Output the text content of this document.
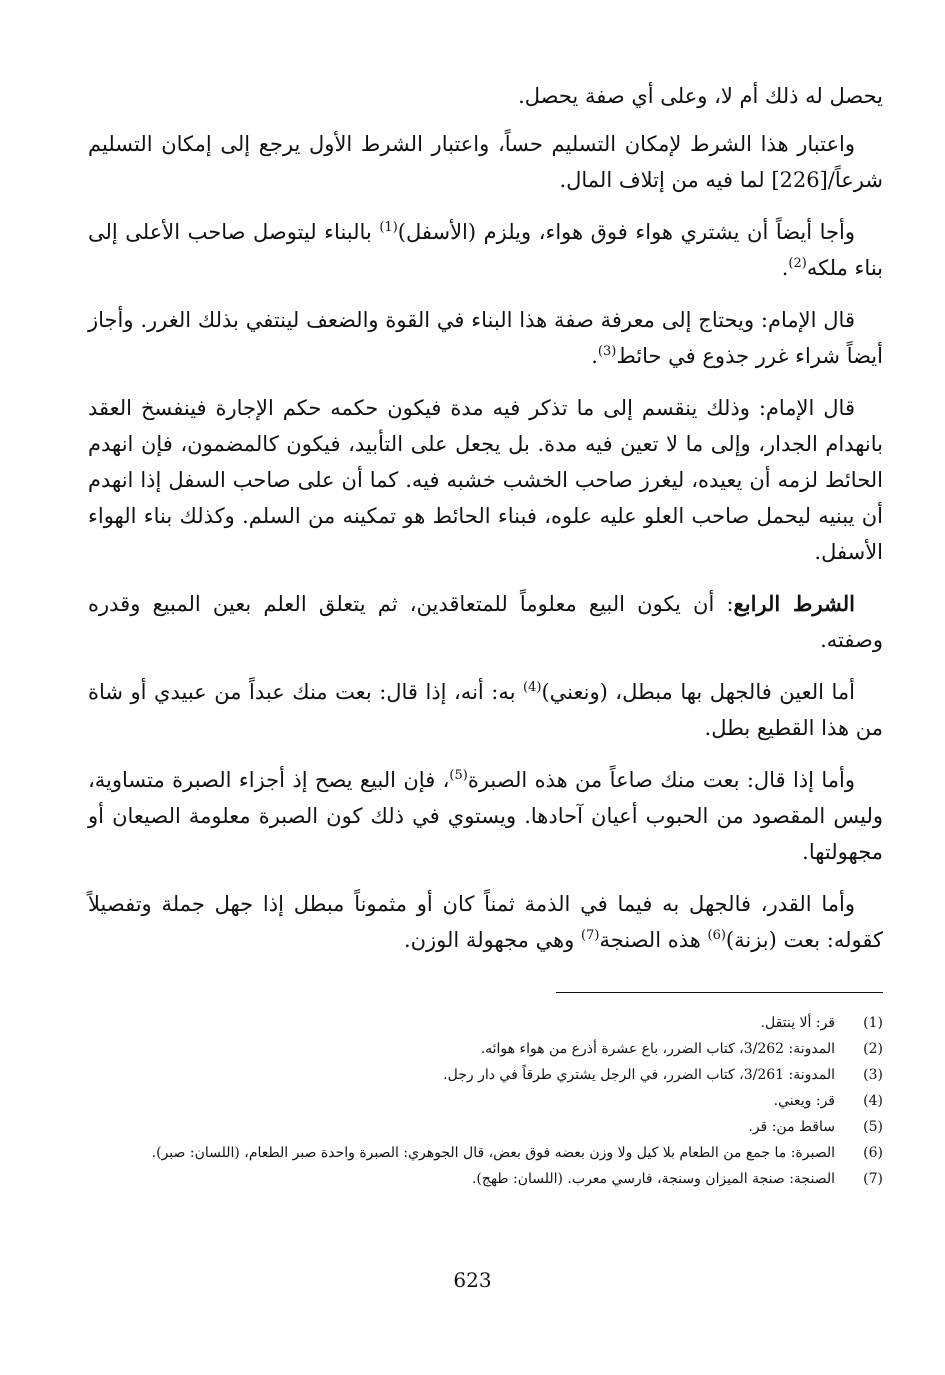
يحصل له ذلك أم لا، وعلى أي صفة يحصل.

واعتبار هذا الشرط لإمكان التسليم حساً، واعتبار الشرط الأول يرجع إلى إمكان التسليم شرعاً/[226] لما فيه من إتلاف المال.

وأجا أيضاً أن يشتري هواء فوق هواء، ويلزم (الأسفل)$^{(1)}$ بالبناء ليتوصل صاحب الأعلى إلى بناء ملكه$^{(2)}$.

قال الإمام: ويحتاج إلى معرفة صفة هذا البناء في القوة والضعف لينتفي بذلك الغرر. وأجاز أيضاً شراء غرر جذوع في حائط$^{(3)}$.

قال الإمام: وذلك ينقسم إلى ما تذكر فيه مدة فيكون حكمه حكم الإجارة فينفسخ العقد بانهدام الجدار، وإلى ما لا تعين فيه مدة. بل يجعل على التأبيد، فيكون كالمضمون، فإن انهدم الحائط لزمه أن يعيده، ليغرز صاحب الخشب خشبه فيه. كما أن على صاحب السفل إذا انهدم أن يبنيه ليحمل صاحب العلو عليه علوه، فبناء الحائط هو تمكينه من السلم. وكذلك بناء الهواء الأسفل.

الشرط الرابع: أن يكون البيع معلوماً للمتعاقدين، ثم يتعلق العلم بعين المبيع وقدره وصفته.

أما العين فالجهل بها مبطل، (ونعني)$^{(4)}$ به: أنه، إذا قال: بعت منك عبداً من عبيدي أو شاة من هذا القطيع بطل.

وأما إذا قال: بعت منك صاعاً من هذه الصبرة$^{(5)}$، فإن البيع يصح إذ أجزاء الصبرة متساوية، وليس المقصود من الحبوب أعيان آحادها. ويستوي في ذلك كون الصبرة معلومة الصيعان أو مجهولتها.

وأما القدر، فالجهل به فيما في الذمة ثمناً كان أو مثموناً مبطل إذا جهل جملة وتفصيلاً كقوله: بعت (بزنة)$^{(6)}$ هذه الصنجة$^{(7)}$ وهي مجهولة الوزن.

(1)
قر: ألا ينتقل.
(2)
المدونة: 3/262، كتاب الضرر، باع عشرة أذرع من هواء هوائه.
(3)
المدونة: 3/261، كتاب الضرر، في الرجل يشتري طرقاً في دار رجل.
(4)
قر: ويعني.
(5)
ساقط من: قر.
(6)
الصبرة: ما جمع من الطعام بلا كيل ولا وزن بعضه فوق بعض، قال الجوهري: الصبرة واحدة صبر الطعام، (اللسان: صبر).
(7)
الصنجة: صنجة الميزان وسنجة، فارسي معرب. (اللسان: طهج).
623
